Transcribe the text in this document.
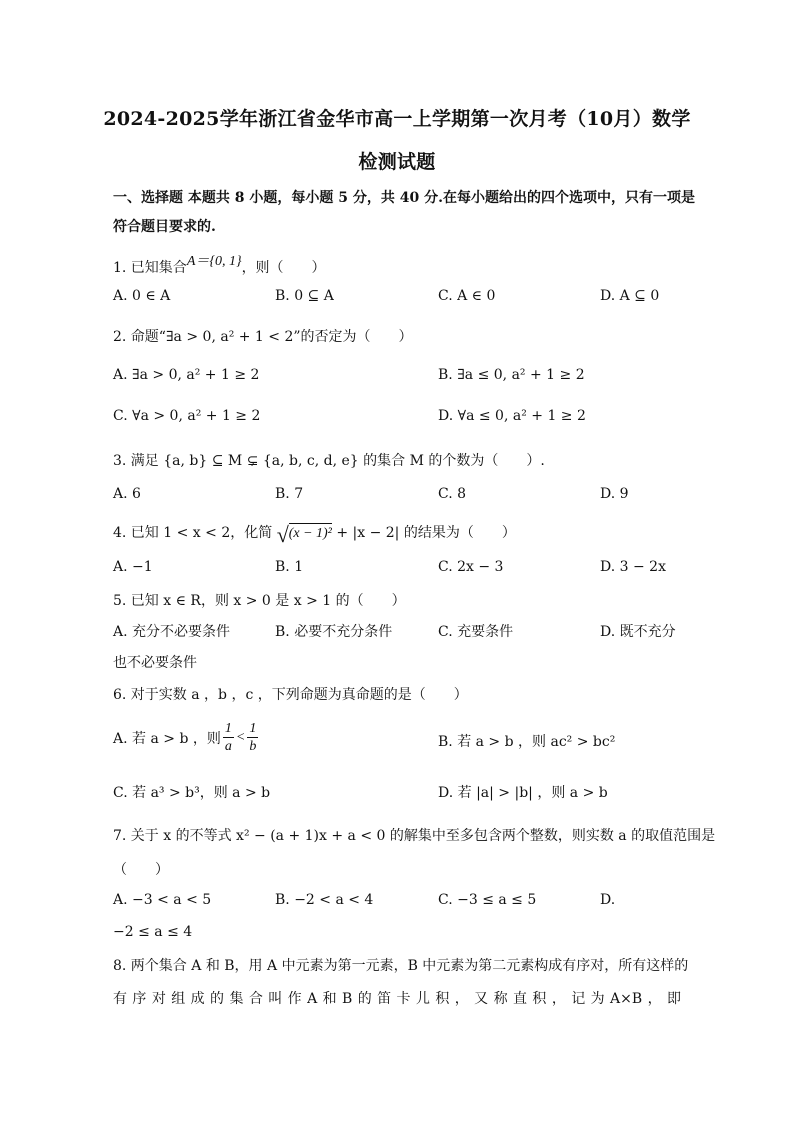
2024-2025学年浙江省金华市高一上学期第一次月考（10月）数学
检测试题
一、选择题 本题共 8 小题，每小题 5 分，共 40 分.在每小题给出的四个选项中，只有一项是
符合题目要求的.
1. 已知集合A＝{0, 1}，则（　　）
A. 0 ∈ A	B. 0 ⊆ A	C. A ∈ 0	D. A ⊆ 0
2. 命题“∃a > 0, a² + 1 < 2”的否定为（　　）
A. ∃a > 0, a² + 1 ≥ 2	B. ∃a ≤ 0, a² + 1 ≥ 2
C. ∀a > 0, a² + 1 ≥ 2	D. ∀a ≤ 0, a² + 1 ≥ 2
3. 满足 {a, b} ⊆ M ⊊ {a, b, c, d, e} 的集合 M 的个数为（　　）.
A. 6	B. 7	C. 8	D. 9
4. 已知 1 < x < 2，化简 √ (x − 1)² + |x − 2| 的结果为（　　）
A. −1	B. 1	C. 2x − 3	D. 3 − 2x
5. 已知 x ∈ R，则 x > 0 是 x > 1 的（　　）
A. 充分不必要条件	B. 必要不充分条件	C. 充要条件	D. 既不充分
也不必要条件
6. 对于实数 a ，b ，c ，下列命题为真命题的是（　　）
A. 若 a > b ，则 $\frac{1}{a} < \frac{1}{b}$	B. 若 a > b ，则 ac² > bc²
C. 若 a³ > b³，则 a > b	D. 若 |a| > |b| ，则 a > b
7. 关于 x 的不等式 x² − (a + 1)x + a < 0 的解集中至多包含两个整数，则实数 a 的取值范围是
（　　）
A. −3 < a < 5	B. −2 < a < 4	C. −3 ≤ a ≤ 5	D.
−2 ≤ a ≤ 4
8. 两个集合 A 和 B，用 A 中元素为第一元素，B 中元素为第二元素构成有序对，所有这样的
有序对组成的集合叫作A和B的笛卡儿积，又称直积，记为A×B，即
